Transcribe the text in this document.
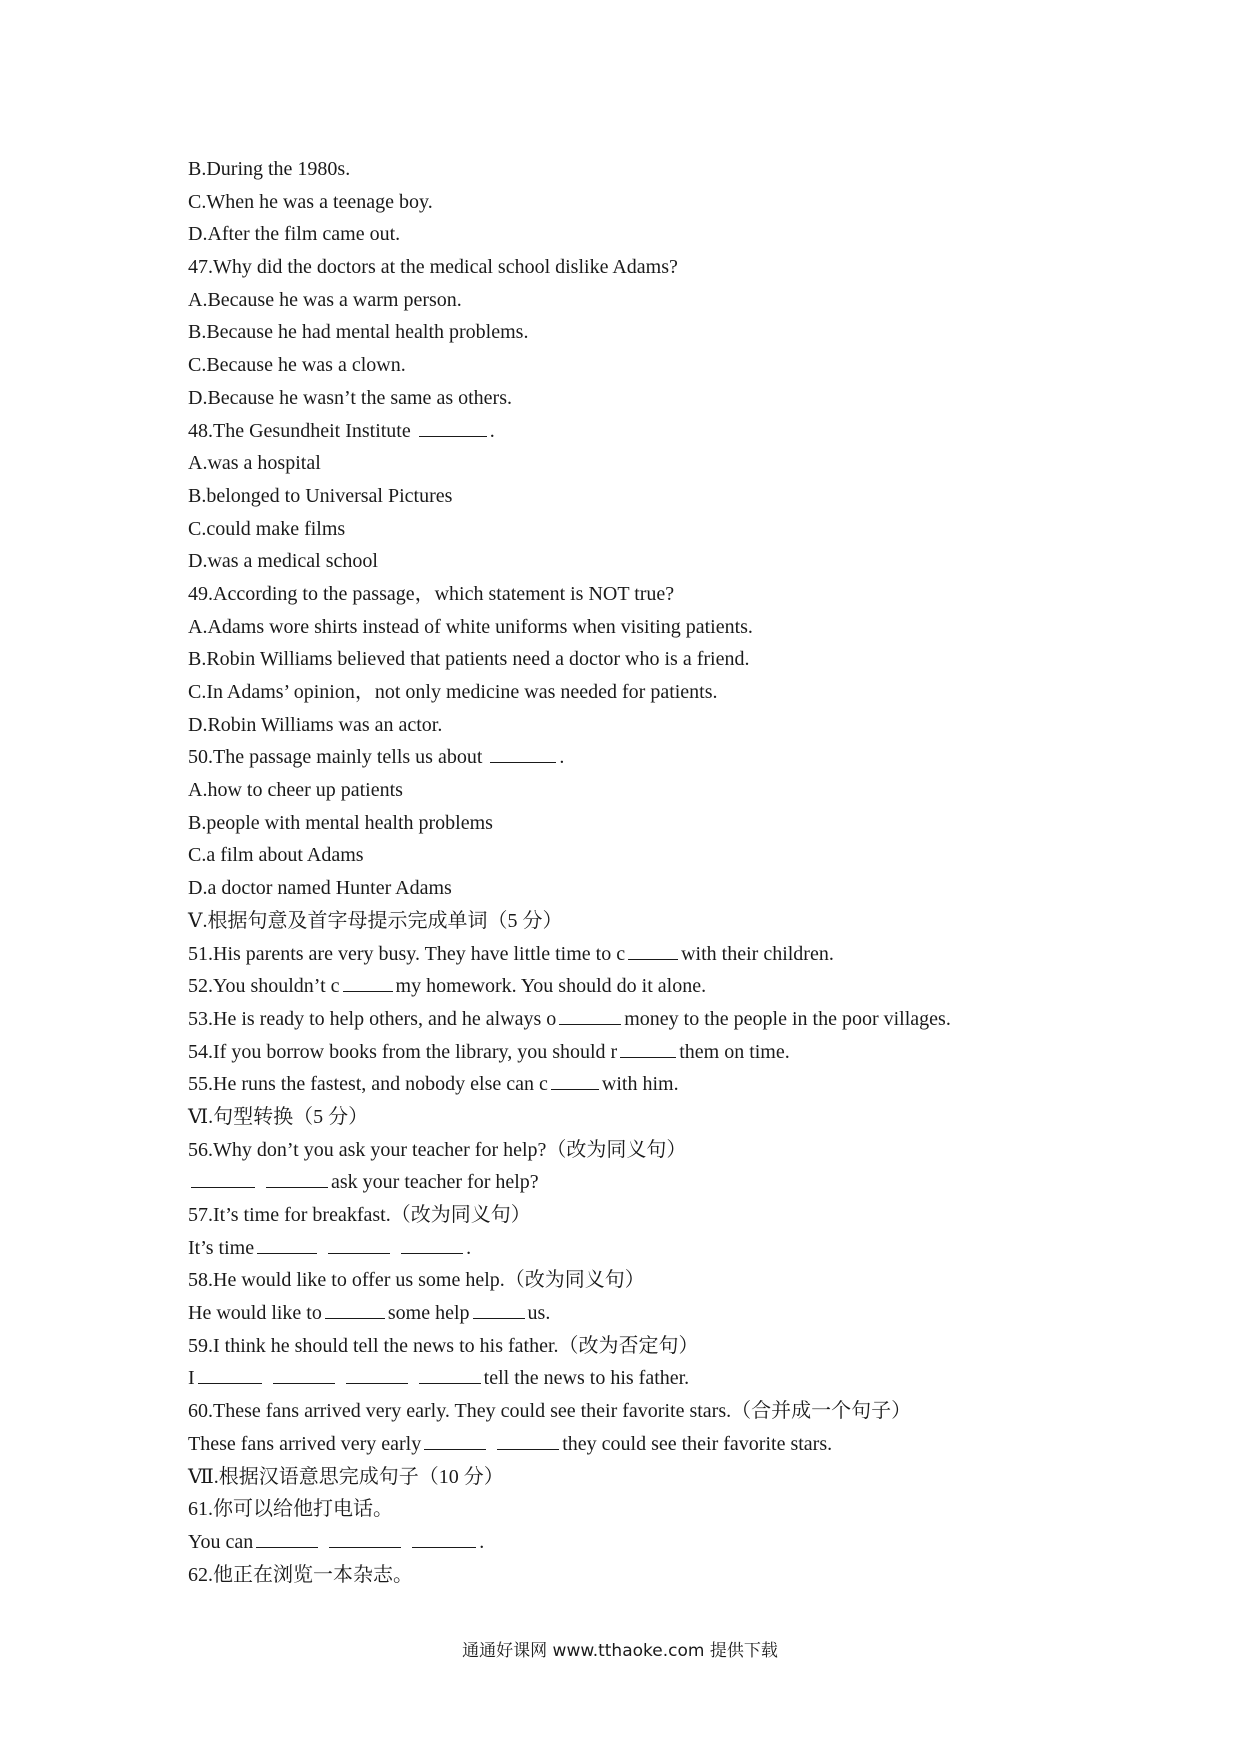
B.During the 1980s.
C.When he was a teenage boy.
D.After the film came out.
47.Why did the doctors at the medical school dislike Adams?
A.Because he was a warm person.
B.Because he had mental health problems.
C.Because he was a clown.
D.Because he wasn’t the same as others.
48.The Gesundheit Institute	.
A.was a hospital
B.belonged to Universal Pictures
C.could make films
D.was a medical school
49.According to the passage，which statement is NOT true?
A.Adams wore shirts instead of white uniforms when visiting patients.
B.Robin Williams believed that patients need a doctor who is a friend.
C.In Adams’ opinion，not only medicine was needed for patients.
D.Robin Williams was an actor.
50.The passage mainly tells us about	.
A.how to cheer up patients
B.people with mental health problems
C.a film about Adams
D.a doctor named Hunter Adams
Ⅴ.根据句意及首字母提示完成单词（5 分）
51.His parents are very busy. They have little time to c	with their children.
52.You shouldn’t c	my homework. You should do it alone.
53.He is ready to help others, and he always o	money to the people in the poor villages.
54.If you borrow books from the library, you should r	them on time.
55.He runs the fastest, and nobody else can c	with him.
Ⅵ.句型转换（5 分）
56.Why don’t you ask your teacher for help?（改为同义句）
ask your teacher for help?
57.It’s time for breakfast.（改为同义句）
It’s time	.
58.He would like to offer us some help.（改为同义句）
He would like to	some help	us.
59.I think he should tell the news to his father.（改为否定句）
I	tell the news to his father.
60.These fans arrived very early. They could see their favorite stars.（合并成一个句子）
These fans arrived very early	they could see their favorite stars.
Ⅶ.根据汉语意思完成句子（10 分）
61.你可以给他打电话。
You can	.
62.他正在浏览一本杂志。
通通好课网 www.tthaoke.com 提供下载
